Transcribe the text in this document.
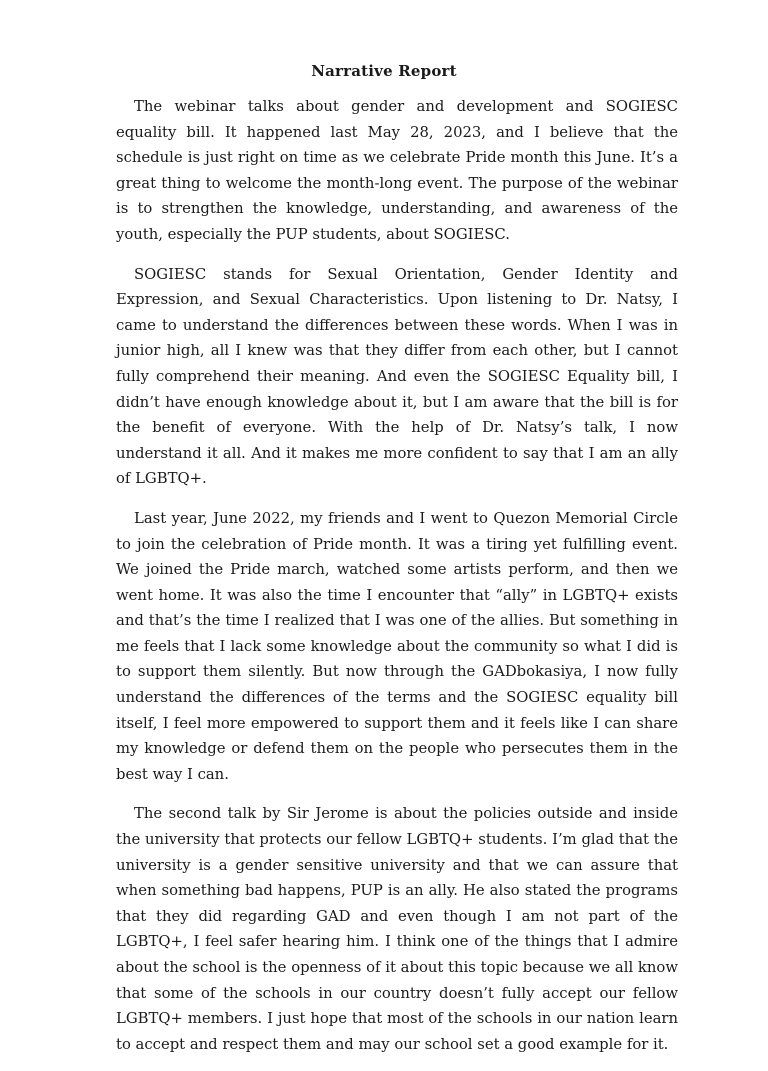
Narrative Report

The webinar talks about gender and development and SOGIESC equality bill. It happened last May 28, 2023, and I believe that the schedule is just right on time as we celebrate Pride month this June. It’s a great thing to welcome the month-long event. The purpose of the webinar is to strengthen the knowledge, understanding, and awareness of the youth, especially the PUP students, about SOGIESC.

SOGIESC stands for Sexual Orientation, Gender Identity and Expression, and Sexual Characteristics. Upon listening to Dr. Natsy, I came to understand the differences between these words. When I was in junior high, all I knew was that they differ from each other, but I cannot fully comprehend their meaning. And even the SOGIESC Equality bill, I didn’t have enough knowledge about it, but I am aware that the bill is for the benefit of everyone. With the help of Dr. Natsy’s talk, I now understand it all. And it makes me more confident to say that I am an ally of LGBTQ+.

Last year, June 2022, my friends and I went to Quezon Memorial Circle to join the celebration of Pride month. It was a tiring yet fulfilling event. We joined the Pride march, watched some artists perform, and then we went home. It was also the time I encounter that “ally” in LGBTQ+ exists and that’s the time I realized that I was one of the allies. But something in me feels that I lack some knowledge about the community so what I did is to support them silently. But now through the GADbokasiya, I now fully understand the differences of the terms and the SOGIESC equality bill itself, I feel more empowered to support them and it feels like I can share my knowledge or defend them on the people who persecutes them in the best way I can.

The second talk by Sir Jerome is about the policies outside and inside the university that protects our fellow LGBTQ+ students. I’m glad that the university is a gender sensitive university and that we can assure that when something bad happens, PUP is an ally. He also stated the programs that they did regarding GAD and even though I am not part of the LGBTQ+, I feel safer hearing him. I think one of the things that I admire about the school is the openness of it about this topic because we all know that some of the schools in our country doesn’t fully accept our fellow LGBTQ+ members. I just hope that most of the schools in our nation learn to accept and respect them and may our school set a good example for it.
